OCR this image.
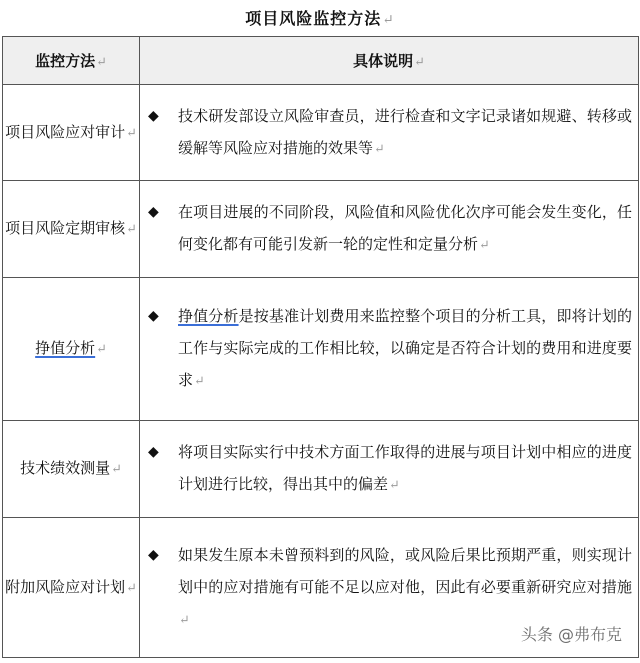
项目风险监控方法↵
监控方法↵	具体说明↵
项目风险应对审计↵	◆ 技术研发部设立风险审查员，进行检查和文字记录诸如规避、转移或缓解等风险应对措施的效果等↵

项目风险定期审核↵	◆ 在项目进展的不同阶段，风险值和风险优化次序可能会发生变化，任何变化都有可能引发新一轮的定性和定量分析↵

挣值分析↵	◆ 挣值分析是按基准计划费用来监控整个项目的分析工具，即将计划的工作与实际完成的工作相比较，以确定是否符合计划的费用和进度要求↵

技术绩效测量↵	◆ 将项目实际实行中技术方面工作取得的进展与项目计划中相应的进度计划进行比较，得出其中的偏差↵

附加风险应对计划↵	◆ 如果发生原本未曾预料到的风险，或风险后果比预期严重，则实现计划中的应对措施有可能不足以应对他，因此有必要重新研究应对措施↵
头条 @弗布克
